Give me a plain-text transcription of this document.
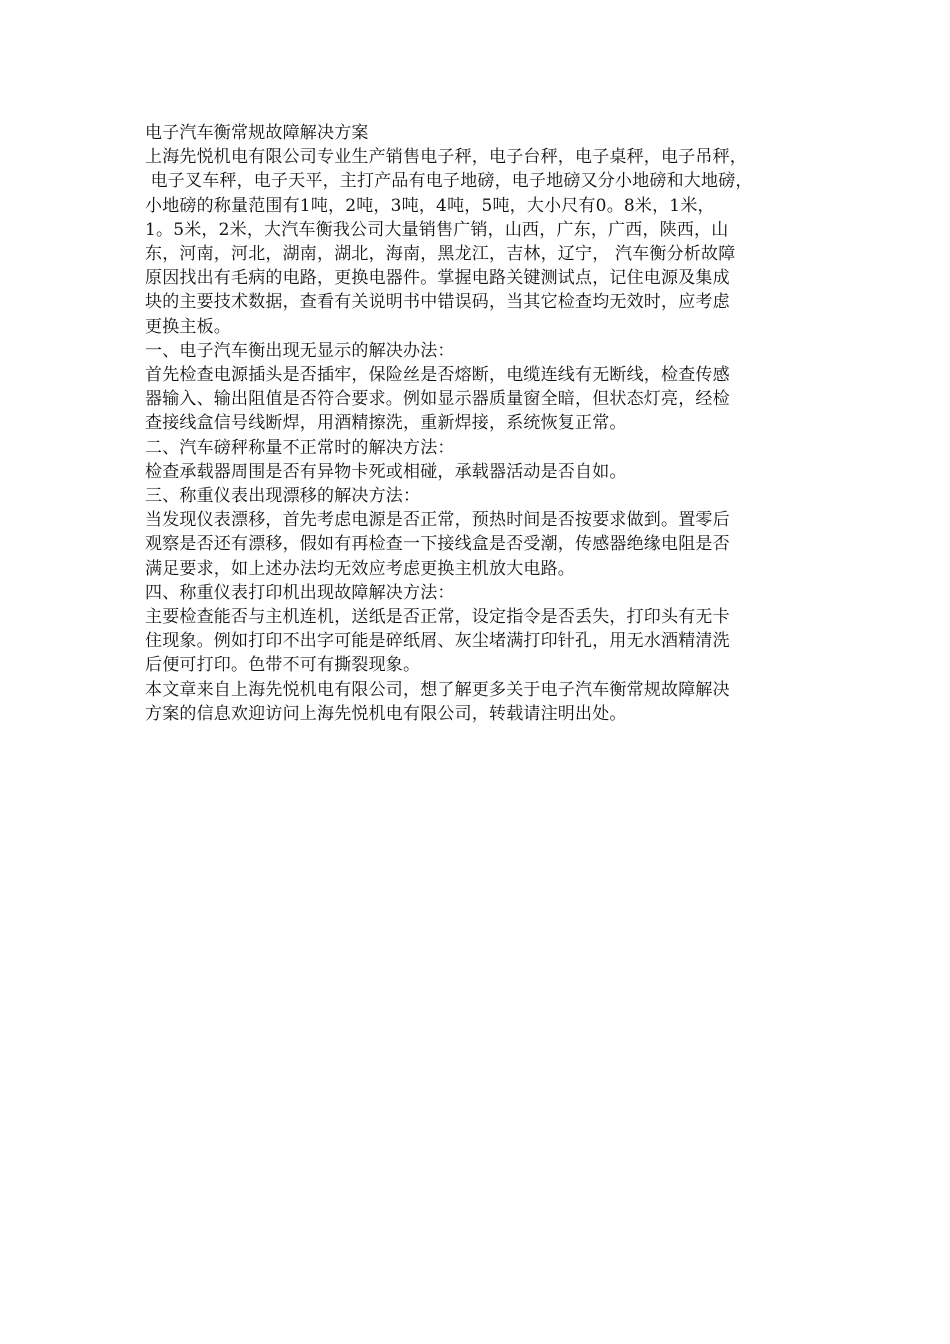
电子汽车衡常规故障解决方案
上海先悦机电有限公司专业生产销售电子秤，电子台秤，电子桌秤，电子吊秤，
电子叉车秤，电子天平，主打产品有电子地磅，电子地磅又分小地磅和大地磅，
小地磅的称量范围有1吨，2吨，3吨，4吨，5吨，大小尺有0。8米，1米，
1。5米，2米，大汽车衡我公司大量销售广销，山西，广东，广西，陕西，山
东，河南，河北，湖南，湖北，海南，黑龙江，吉林，辽宁， 汽车衡分析故障
原因找出有毛病的电路，更换电器件。掌握电路关键测试点，记住电源及集成
块的主要技术数据，查看有关说明书中错误码，当其它检查均无效时，应考虑
更换主板。
一、电子汽车衡出现无显示的解决办法：
首先检查电源插头是否插牢，保险丝是否熔断，电缆连线有无断线，检查传感
器输入、输出阻值是否符合要求。例如显示器质量窗全暗，但状态灯亮，经检
查接线盒信号线断焊，用酒精擦洗，重新焊接，系统恢复正常。
二、汽车磅秤称量不正常时的解决方法：
检查承载器周围是否有异物卡死或相碰，承载器活动是否自如。
三、称重仪表出现漂移的解决方法：
当发现仪表漂移，首先考虑电源是否正常，预热时间是否按要求做到。置零后
观察是否还有漂移，假如有再检查一下接线盒是否受潮，传感器绝缘电阻是否
满足要求，如上述办法均无效应考虑更换主机放大电路。
四、称重仪表打印机出现故障解决方法：
主要检查能否与主机连机，送纸是否正常，设定指令是否丢失，打印头有无卡
住现象。例如打印不出字可能是碎纸屑、灰尘堵满打印针孔，用无水酒精清洗
后便可打印。色带不可有撕裂现象。
本文章来自上海先悦机电有限公司，想了解更多关于电子汽车衡常规故障解决
方案的信息欢迎访问上海先悦机电有限公司，转载请注明出处。
